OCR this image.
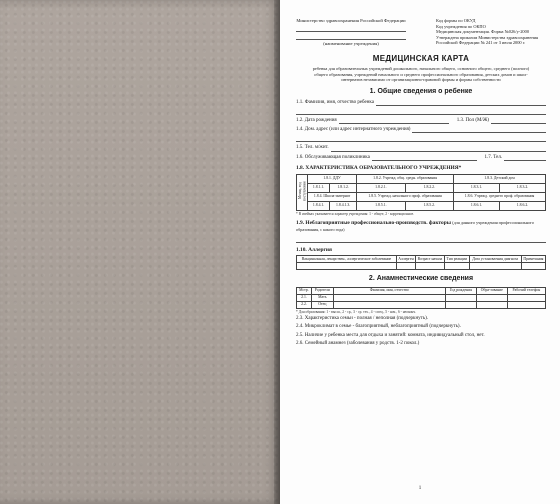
Министерство здравоохранения Российской Федерации
(наименование учреждения)
Код формы по ОКУД
Код учреждения по ОКПО
Медицинская документация. Форма №026/у-2000
Утверждена приказом Министерства здравоохранения Российской Федерации № 241 от 3 июля 2000 г.
МЕДИЦИНСКАЯ КАРТА
ребенка для образовательных учреждений дошкольного, начального общего, основного общего, среднего (полного) общего образования, учреждений начального и среднего профессионального образования, детских домов и школ-интернатов независимо от организационно-правовой формы и формы собственности
1. Общие сведения о ребенке
1.1. Фамилия, имя, отчество ребенка
1.2. Дата рождения	1.3. Пол (М/Ж)
1.4. Дом. адрес (или адрес интернатного учреждения)
1.5. Тел. м/жит.
1.6. Обслуживающая поликлиника	1.7. Тел.
1.8. ХАРАКТЕРИСТИКА ОБРАЗОВАТЕЛЬНОГО УЧРЕЖДЕНИЯ*
Месяц, год поступления	1.8.1. ДДУ		1.8.2. Учрежд. общ. средн. образования		1.8.3. Детский дом	
	1.8.1.1.	1.8.1.2.	1.8.2.1.	1.8.2.2.	1.8.3.1.	1.8.3.2.
	1.8.4. Школа-интернат		1.8.5. Учрежд. начального проф. образования		1.8.6. Учрежд. среднего проф. образования	
	1.8.4.1.	1.8.4.1.3.	1.8.5.1.	1.8.5.2.	1.8.6.1.	1.8.6.2.
* В ячейках указывается характер учреждения: 1 - общее, 2 - коррекционное.
1.9. Неблагоприятные профессионально-производств. факторы (для данного учреждения профессионального образования, с какого года)
1.10. Аллергия
Вакцинальная, лекарствен., аллергическое заболевание	Аллерген	Возраст начала	Тип реакции	Дата установления диагноза	Примечания

2. Анамнестические сведения
Мстр.	Родители	Фамилия, имя, отчество	Год рождения	Обра-зование	Рабочий телефон
2.1.	Мать				
2.2.	Отец				
* Для образования: 1 - высш., 2 - ср., 3 - ср. тех., 4 - спец., 5 - нач., 6 - неоконч.
2.3. Характеристика семьи - полная / неполная (подчеркнуть).
2.4. Микроклимат в семье - благоприятный, неблагоприятный (подчеркнуть).
2.5. Наличие у ребенка места для отдыха и занятий: комната, индивидуальный стол, нет.
2.6. Семейный анамнез (заболевания у родств. 1-2 покол.)
1
